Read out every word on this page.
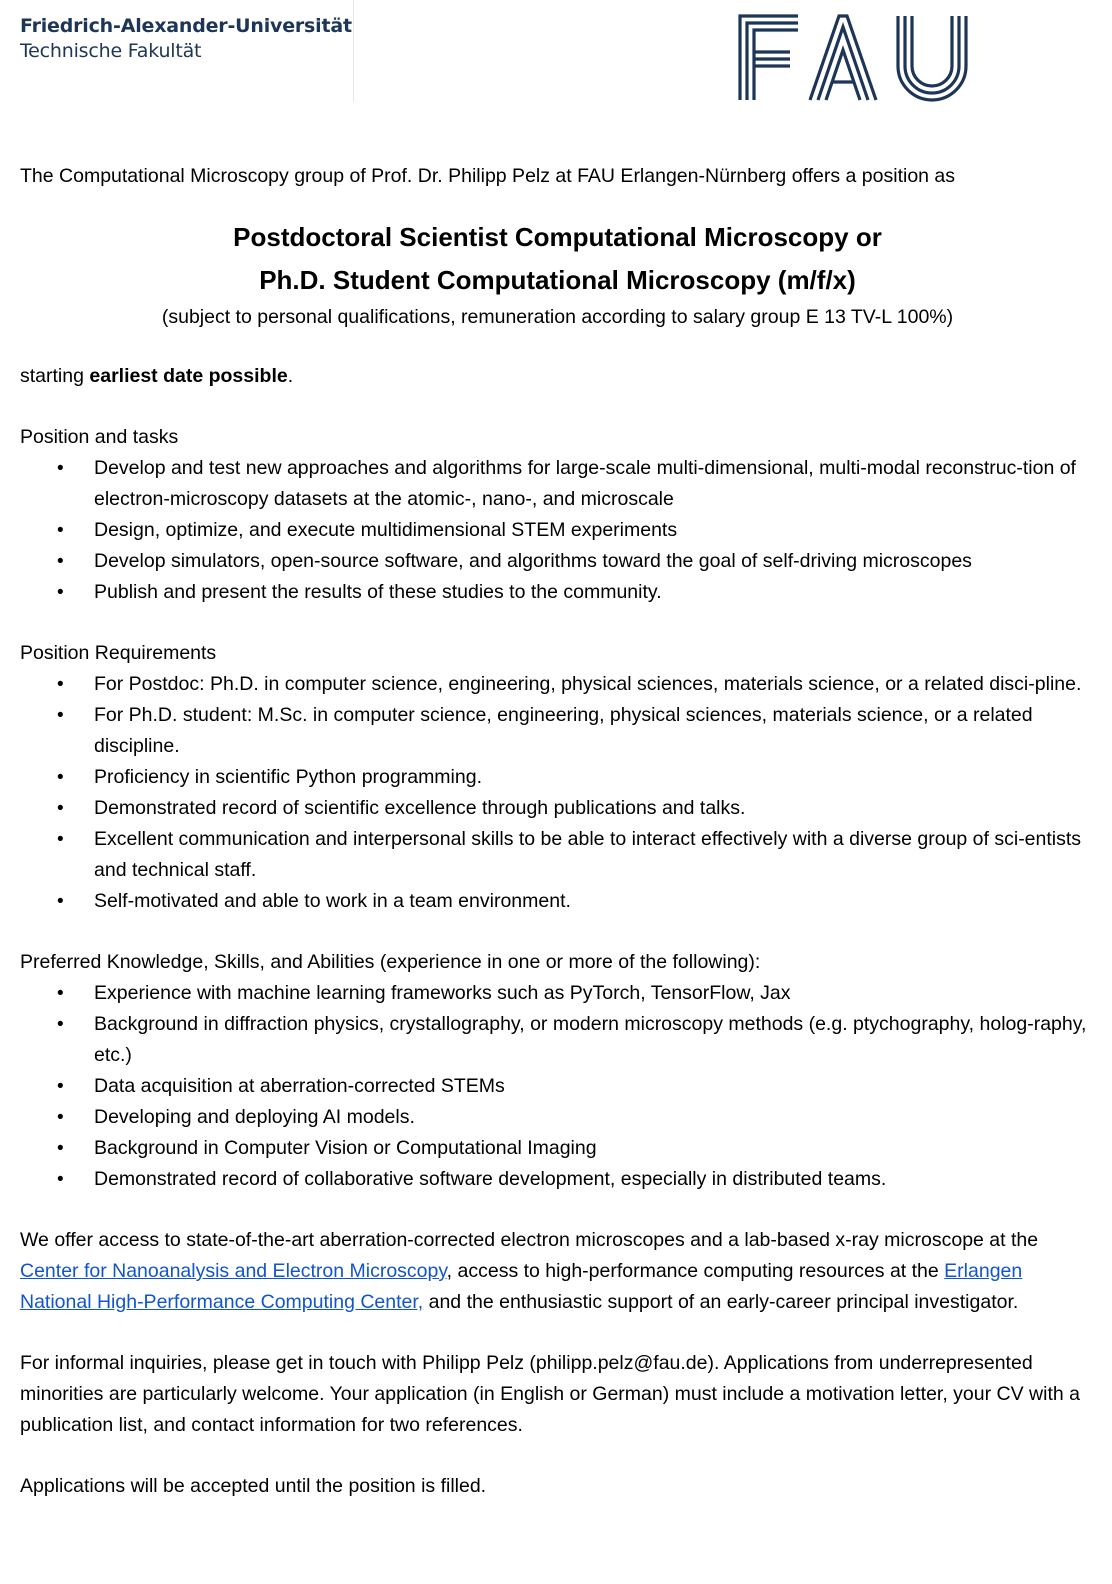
Friedrich-Alexander-Universität
Technische Fakultät

The Computational Microscopy group of Prof. Dr. Philipp Pelz at FAU Erlangen-Nürnberg offers a position as

Postdoctoral Scientist Computational Microscopy or

Ph.D. Student Computational Microscopy (m/f/x)

(subject to personal qualifications, remuneration according to salary group E 13 TV-L 100%)

starting earliest date possible.

Position and tasks

• Develop and test new approaches and algorithms for large-scale multi-dimensional, multi-modal reconstruc-tion of electron-microscopy datasets at the atomic-, nano-, and microscale
• Design, optimize, and execute multidimensional STEM experiments
• Develop simulators, open-source software, and algorithms toward the goal of self-driving microscopes
• Publish and present the results of these studies to the community.

Position Requirements

• For Postdoc: Ph.D. in computer science, engineering, physical sciences, materials science, or a related disci-pline.
• For Ph.D. student: M.Sc. in computer science, engineering, physical sciences, materials science, or a related discipline.
• Proficiency in scientific Python programming.
• Demonstrated record of scientific excellence through publications and talks.
• Excellent communication and interpersonal skills to be able to interact effectively with a diverse group of sci-entists and technical staff.
• Self-motivated and able to work in a team environment.

Preferred Knowledge, Skills, and Abilities (experience in one or more of the following):

• Experience with machine learning frameworks such as PyTorch, TensorFlow, Jax
• Background in diffraction physics, crystallography, or modern microscopy methods (e.g. ptychography, holog-raphy, etc.)
• Data acquisition at aberration-corrected STEMs
• Developing and deploying AI models.
• Background in Computer Vision or Computational Imaging
• Demonstrated record of collaborative software development, especially in distributed teams.

We offer access to state-of-the-art aberration-corrected electron microscopes and a lab-based x-ray microscope at the Center for Nanoanalysis and Electron Microscopy, access to high-performance computing resources at the Erlangen National High-Performance Computing Center, and the enthusiastic support of an early-career principal investigator.

For informal inquiries, please get in touch with Philipp Pelz (philipp.pelz@fau.de). Applications from underrepresented minorities are particularly welcome. Your application (in English or German) must include a motivation letter, your CV with a publication list, and contact information for two references.

Applications will be accepted until the position is filled.
